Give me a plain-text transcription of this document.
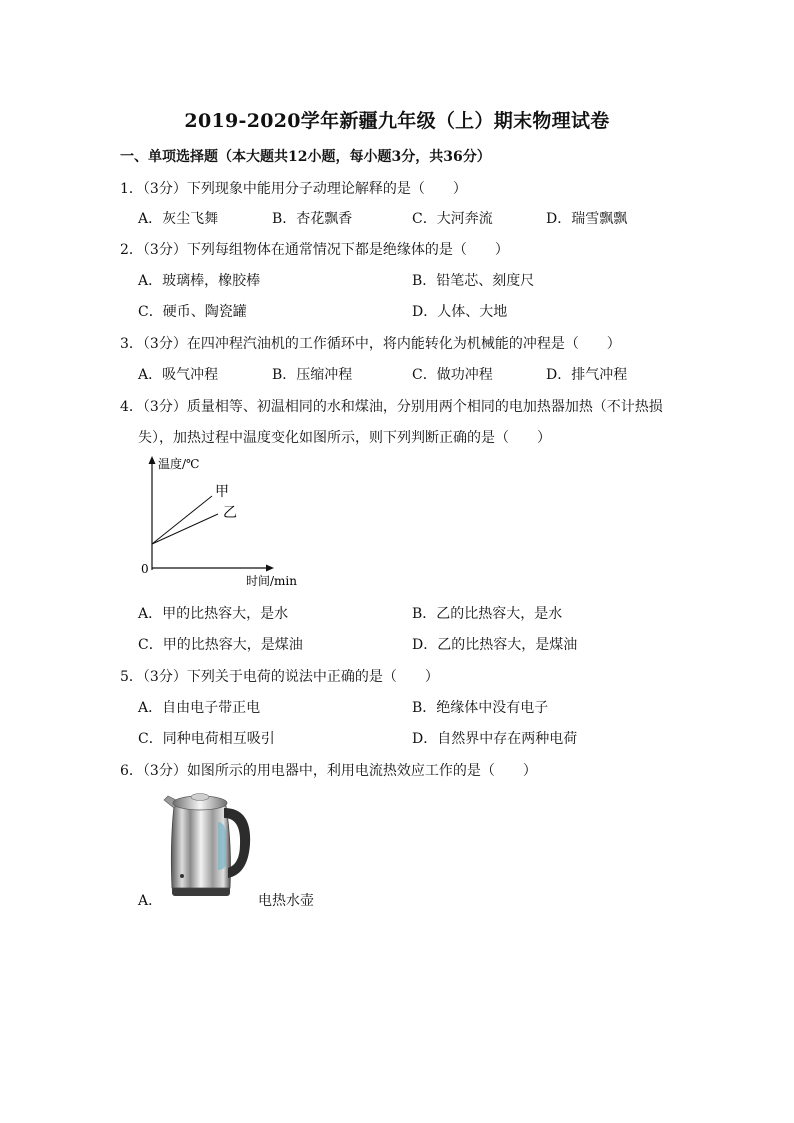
2019-2020学年新疆九年级（上）期末物理试卷
一、单项选择题（本大题共12小题，每小题3分，共36分）
1．（3分）下列现象中能用分子动理论解释的是（　　）
A．灰尘飞舞	B．杏花飘香	C．大河奔流	D．瑞雪飘飘
2．（3分）下列每组物体在通常情况下都是绝缘体的是（　　）
A．玻璃棒，橡胶棒	B．铅笔芯、刻度尺
C．硬币、陶瓷罐	D．人体、大地
3．（3分）在四冲程汽油机的工作循环中，将内能转化为机械能的冲程是（　　）
A．吸气冲程	B．压缩冲程	C．做功冲程	D．排气冲程
4．（3分）质量相等、初温相同的水和煤油，分别用两个相同的电加热器加热（不计热损
失），加热过程中温度变化如图所示，则下列判断正确的是（　　）
温度/℃
时间/min
0
甲
乙
A．甲的比热容大，是水	B．乙的比热容大，是水
C．甲的比热容大，是煤油	D．乙的比热容大，是煤油
5．（3分）下列关于电荷的说法中正确的是（　　）
A．自由电子带正电	B．绝缘体中没有电子
C．同种电荷相互吸引	D．自然界中存在两种电荷
6．（3分）如图所示的用电器中，利用电流热效应工作的是（　　）
A．	电热水壶
